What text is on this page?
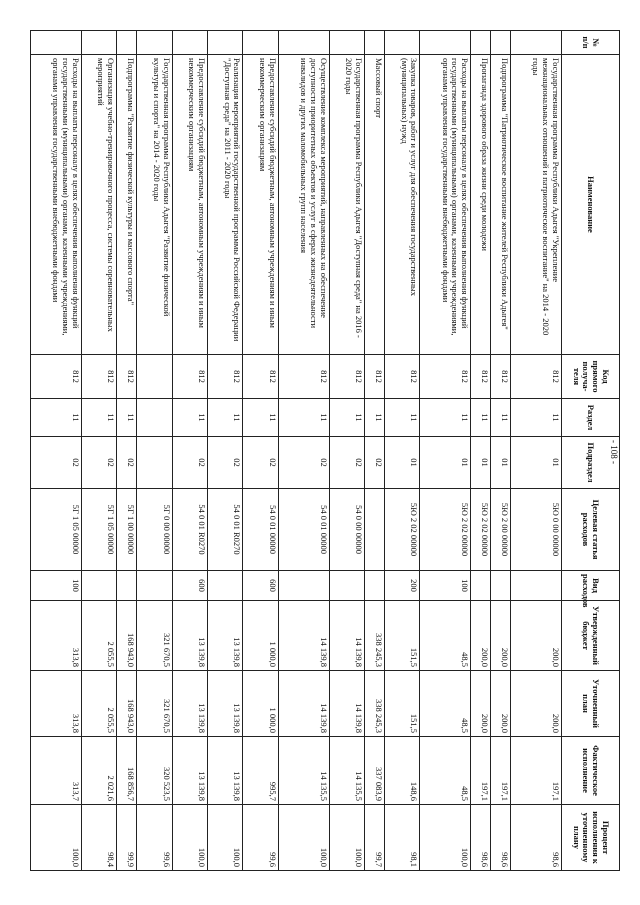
- 108 -
№ п/п	Наименование	Код прямого получа-теля	Раздел	Подраздел	Целевая статья расходов	Вид расходов	Утвержденный бюджет	Уточненный план	Фактическое исполнение	Процент исполнения к уточненному плану
	Государственная программа Республики Адыгея "Укрепление межнациональных отношений и патриотическое воспитание" на 2014 - 2020 годы	812	11	01	5Ю 0 00 00000		200,0	200,0	197,1	98,6
	Подпрограмма "Патриотическое воспитание жителей Республики Адыгея"	812	11	01	5Ю 2 00 00000		200,0	200,0	197,1	98,6
	Пропаганда здорового образа жизни среди молодежи	812	11	01	5Ю 2 02 00000		200,0	200,0	197,1	98,6
	Расходы на выплаты персоналу в целях обеспечения выполнения функций государственными (муниципальными) органами, казенными учреждениями, органами управления государственными внебюджетными фондами	812	11	01	5Ю 2 02 00000	100	48,5	48,5	48,5	100,0
	Закупка товаров, работ и услуг для обеспечения государственных (муниципальных) нужд	812	11	01	5Ю 2 02 00000	200	151,5	151,5	148,6	98,1
	Массовый спорт	812	11	02			338 245,3	338 245,3	337 083,9	99,7
	Государственная программа Республики Адыгея "Доступная среда" на 2016 - 2020 годы	812	11	02	54 0 00 00000		14 139,8	14 139,8	14 135,5	100,0
	Осуществление комплекса мероприятий, направленных на обеспечение доступности приоритетных объектов и услуг в сферах жизнедеятельности инвалидов и других маломобильных групп населения	812	11	02	54 0 01 00000		14 139,8	14 139,8	14 135,5	100,0
	Предоставление субсидий бюджетным, автономным учреждениям и иным некоммерческим организациям	812	11	02	54 0 01 00000	600	1 000,0	1 000,0	995,7	99,6
	Реализация мероприятий государственной программы Российской Федерации "Доступная среда" на 2011 - 2020 годы	812	11	02	54 0 01 R0270		13 139,8	13 139,8	13 139,8	100,0
	Предоставление субсидий бюджетным, автономным учреждениям и иным некоммерческим организациям	812	11	02	54 0 01 R0270	600	13 139,8	13 139,8	13 139,8	100,0
	Государственная программа Республики Адыгея "Развитие физической культуры и спорта" на 2014 - 2020 годы				5Г 0 00 00000		321 670,5	321 670,5	320 523,5	99,6
	Подпрограмма "Развитие физической культуры и массового спорта"	812	11	02	5Г 1 00 00000		168 943,0	168 943,0	168 856,7	99,9
	Организация учебно-тренировочного процесса, системы соревновательных мероприятий	812	11	02	5Г 1 05 00000		2 055,5	2 055,5	2 021,6	98,4
	Расходы на выплаты персоналу в целях обеспечения выполнения функций государственными (муниципальными) органами, казенными учреждениями, органами управления государственными внебюджетными фондами	812	11	02	5Г 1 05 00000	100	313,8	313,8	313,7	100,0
